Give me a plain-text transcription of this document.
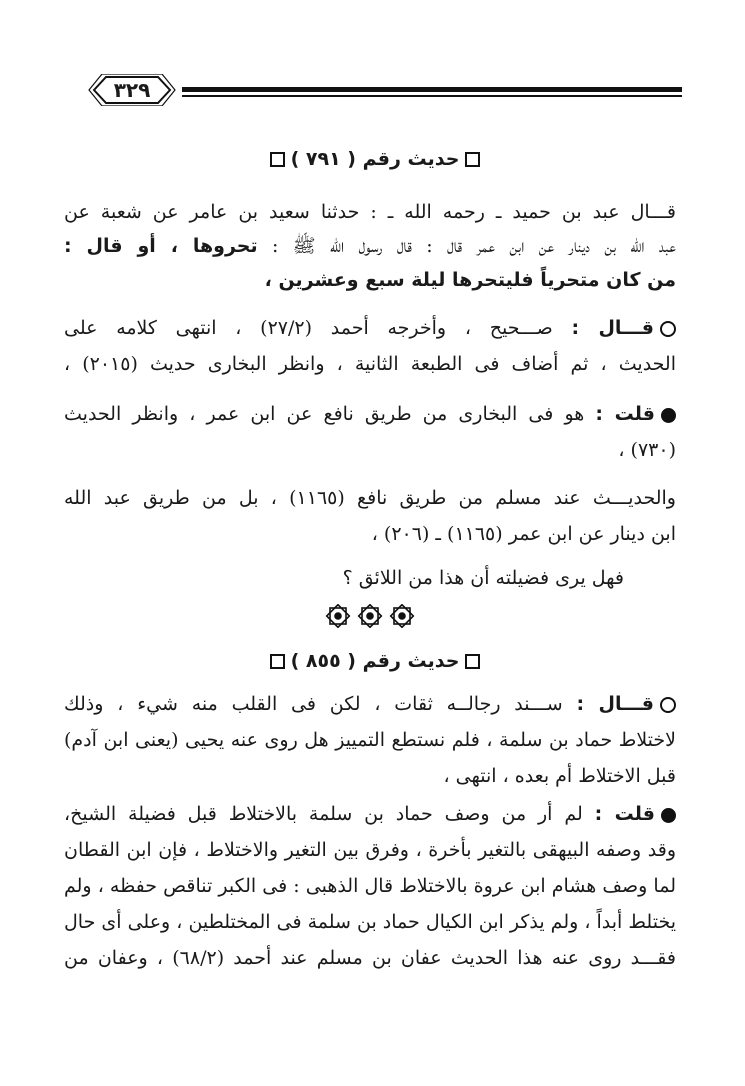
٣٢٩
حديث رقم ( ٧٩١ )
قـــال عبد بن حميد ـ رحمه الله ـ : حدثنا سعيد بن عامر عن شعبة عن
عبد الله بن دينار عن ابن عمر قال : قال رسول الله ﷺ : تحروها ، أو قال :
من كان متحرياً فليتحرها ليلة سبع وعشرين ،
قـــال : صـــحيح ، وأخرجه أحمد (٢٧/٢) ، انتهى كلامه على
الحديث ، ثم أضاف فى الطبعة الثانية ، وانظر البخارى حديث (٢٠١٥) ،
قلت : هو فى البخارى من طريق نافع عن ابن عمر ، وانظر الحديث
(٧٣٠) ،
والحديـــث عند مسلم من طريق نافع (١١٦٥) ، بل من طريق عبد الله
ابن دينار عن ابن عمر (١١٦٥) ـ (٢٠٦) ،
فهل يرى فضيلته أن هذا من اللائق ؟
حديث رقم ( ٨٥٥ )
قـــال : ســـند رجالــه ثقات ، لكن فى القلب منه شيء ، وذلك
لاختلاط حماد بن سلمة ، فلم نستطع التمييز هل روى عنه يحيى (يعنى ابن آدم)
قبل الاختلاط أم بعده ، انتهى ،
قلت : لم أر من وصف حماد بن سلمة بالاختلاط قبل فضيلة الشيخ،
وقد وصفه البيهقى بالتغير بأخرة ، وفرق بين التغير والاختلاط ، فإن ابن القطان
لما وصف هشام ابن عروة بالاختلاط قال الذهبى : فى الكبر تناقص حفظه ، ولم
يختلط أبداً ، ولم يذكر ابن الكيال حماد بن سلمة فى المختلطين ، وعلى أى حال
فقـــد روى عنه هذا الحديث عفان بن مسلم عند أحمد (٦٨/٢) ، وعفان من
